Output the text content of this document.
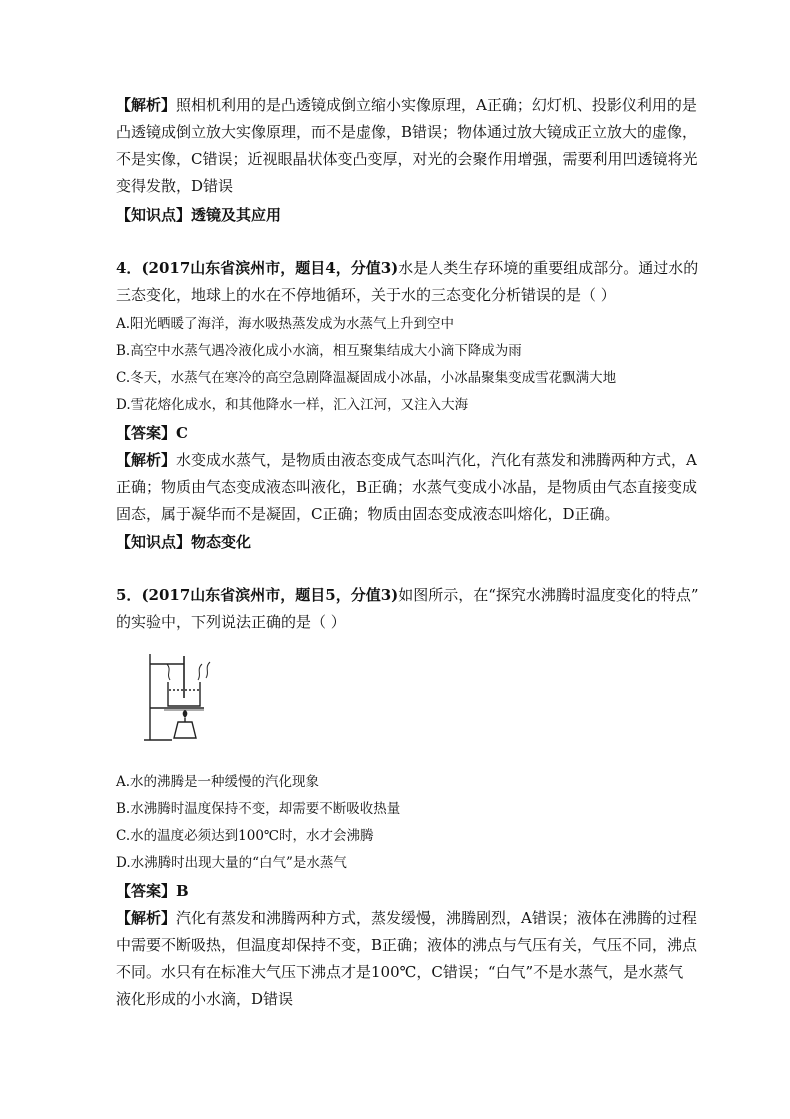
【解析】照相机利用的是凸透镜成倒立缩小实像原理，A正确；幻灯机、投影仪利用的是
凸透镜成倒立放大实像原理，而不是虚像，B错误；物体通过放大镜成正立放大的虚像，
不是实像，C错误；近视眼晶状体变凸变厚，对光的会聚作用增强，需要利用凹透镜将光
变得发散，D错误
【知识点】透镜及其应用
4．(2017山东省滨州市，题目4，分值3)水是人类生存环境的重要组成部分。通过水的
三态变化，地球上的水在不停地循环，关于水的三态变化分析错误的是（ ）
A.阳光晒暖了海洋，海水吸热蒸发成为水蒸气上升到空中
B.高空中水蒸气遇冷液化成小水滴，相互聚集结成大小滴下降成为雨
C.冬天，水蒸气在寒冷的高空急剧降温凝固成小冰晶，小冰晶聚集变成雪花飘满大地
D.雪花熔化成水，和其他降水一样，汇入江河，又注入大海
【答案】C
【解析】水变成水蒸气，是物质由液态变成气态叫汽化，汽化有蒸发和沸腾两种方式，A
正确；物质由气态变成液态叫液化，B正确；水蒸气变成小冰晶，是物质由气态直接变成
固态，属于凝华而不是凝固，C正确；物质由固态变成液态叫熔化，D正确。
【知识点】物态变化
5．(2017山东省滨州市，题目5，分值3)如图所示，在“探究水沸腾时温度变化的特点”
的实验中，下列说法正确的是（ ）
A.水的沸腾是一种缓慢的汽化现象
B.水沸腾时温度保持不变，却需要不断吸收热量
C.水的温度必须达到100℃时，水才会沸腾
D.水沸腾时出现大量的“白气”是水蒸气
【答案】B
【解析】汽化有蒸发和沸腾两种方式，蒸发缓慢，沸腾剧烈，A错误；液体在沸腾的过程
中需要不断吸热，但温度却保持不变，B正确；液体的沸点与气压有关，气压不同，沸点
不同。水只有在标准大气压下沸点才是100℃，C错误；“白气”不是水蒸气，是水蒸气
液化形成的小水滴，D错误
